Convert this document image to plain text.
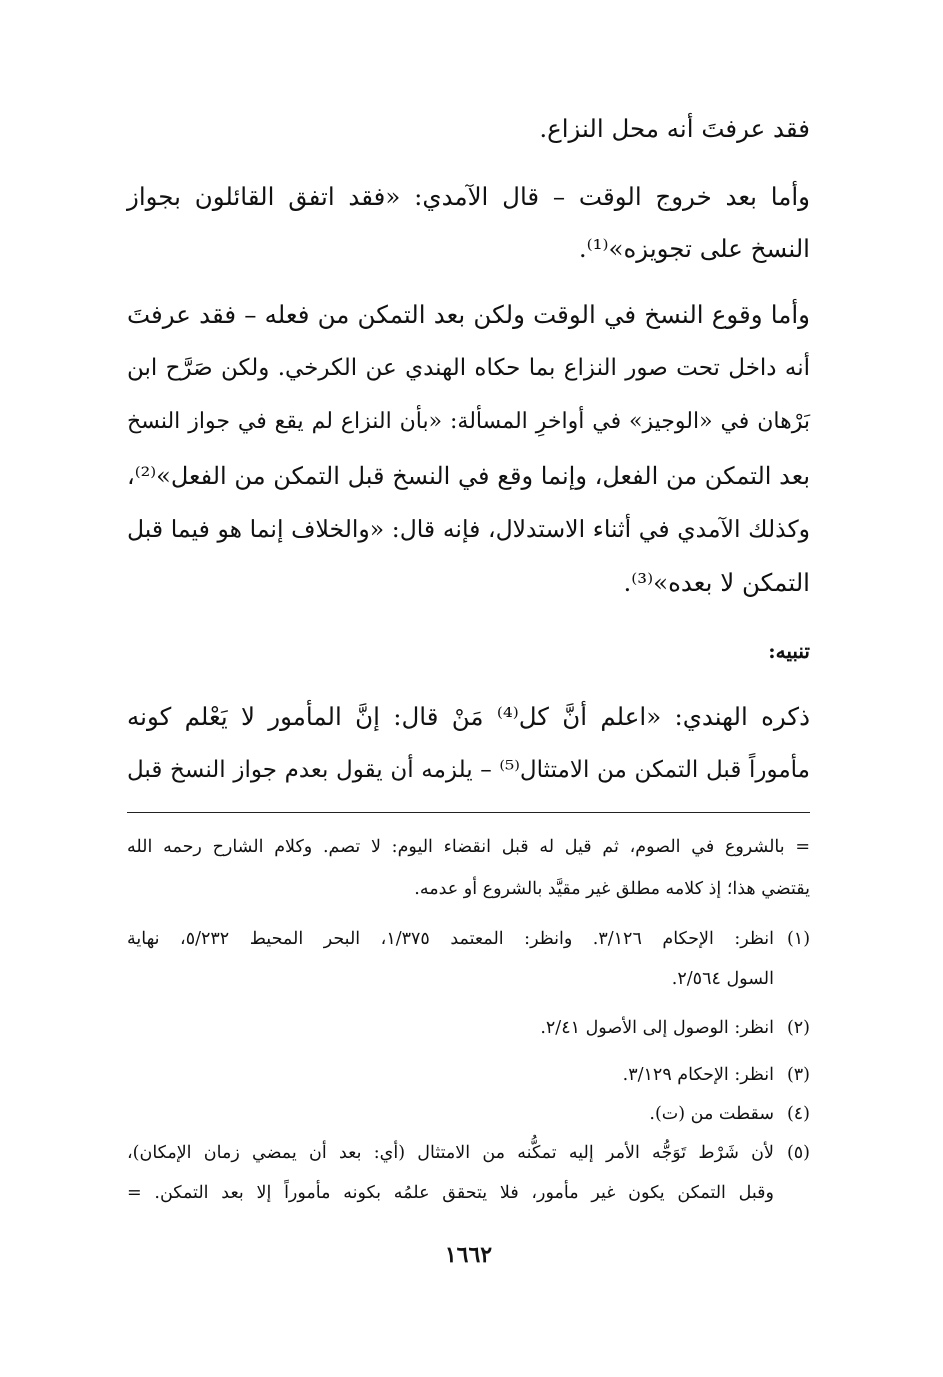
فقد عرفتَ أنه محل النزاع.
وأما بعد خروج الوقت – قال الآمدي: «فقد اتفق القائلون بجواز
النسخ على تجويزه»⁽¹⁾.
وأما وقوع النسخ في الوقت ولكن بعد التمكن من فعله – فقد عرفتَ
أنه داخل تحت صور النزاع بما حكاه الهندي عن الكرخي. ولكن صَرَّح ابن
بَرْهان في «الوجيز» في أواخرِ المسألة: «بأن النزاع لم يقع في جواز النسخ
بعد التمكن من الفعل، وإنما وقع في النسخ قبل التمكن من الفعل»⁽²⁾،
وكذلك الآمدي في أثناء الاستدلال، فإنه قال: «والخلاف إنما هو فيما قبل
التمكن لا بعده»⁽³⁾.
تنبيه:
ذكره الهندي: «اعلم أنَّ كل⁽⁴⁾ مَنْ قال: إنَّ المأمور لا يَعْلم كونه
مأموراً قبل التمكن من الامتثال⁽⁵⁾ – يلزمه أن يقول بعدم جواز النسخ قبل
= بالشروع في الصوم، ثم قيل له قبل انقضاء اليوم: لا تصم. وكلام الشارح رحمه الله
يقتضي هذا؛ إذ كلامه مطلق غير مقيَّد بالشروع أو عدمه.
(١)انظر: الإحكام ٣/١٢٦. وانظر: المعتمد ١/٣٧٥، البحر المحيط ٥/٢٣٢، نهاية
السول ٢/٥٦٤.
(٢)انظر: الوصول إلى الأصول ٢/٤١.
(٣)انظر: الإحكام ٣/١٢٩.
(٤)سقطت من (ت).
(٥)لأن شَرْط تَوَجُّه الأمر إليه تمكُّنه من الامتثال (أي: بعد أن يمضي زمان الإمكان)،
وقبل التمكن يكون غير مأمور، فلا يتحقق علمُه بكونه مأموراً إلا بعد التمكن. =
١٦٦٢
